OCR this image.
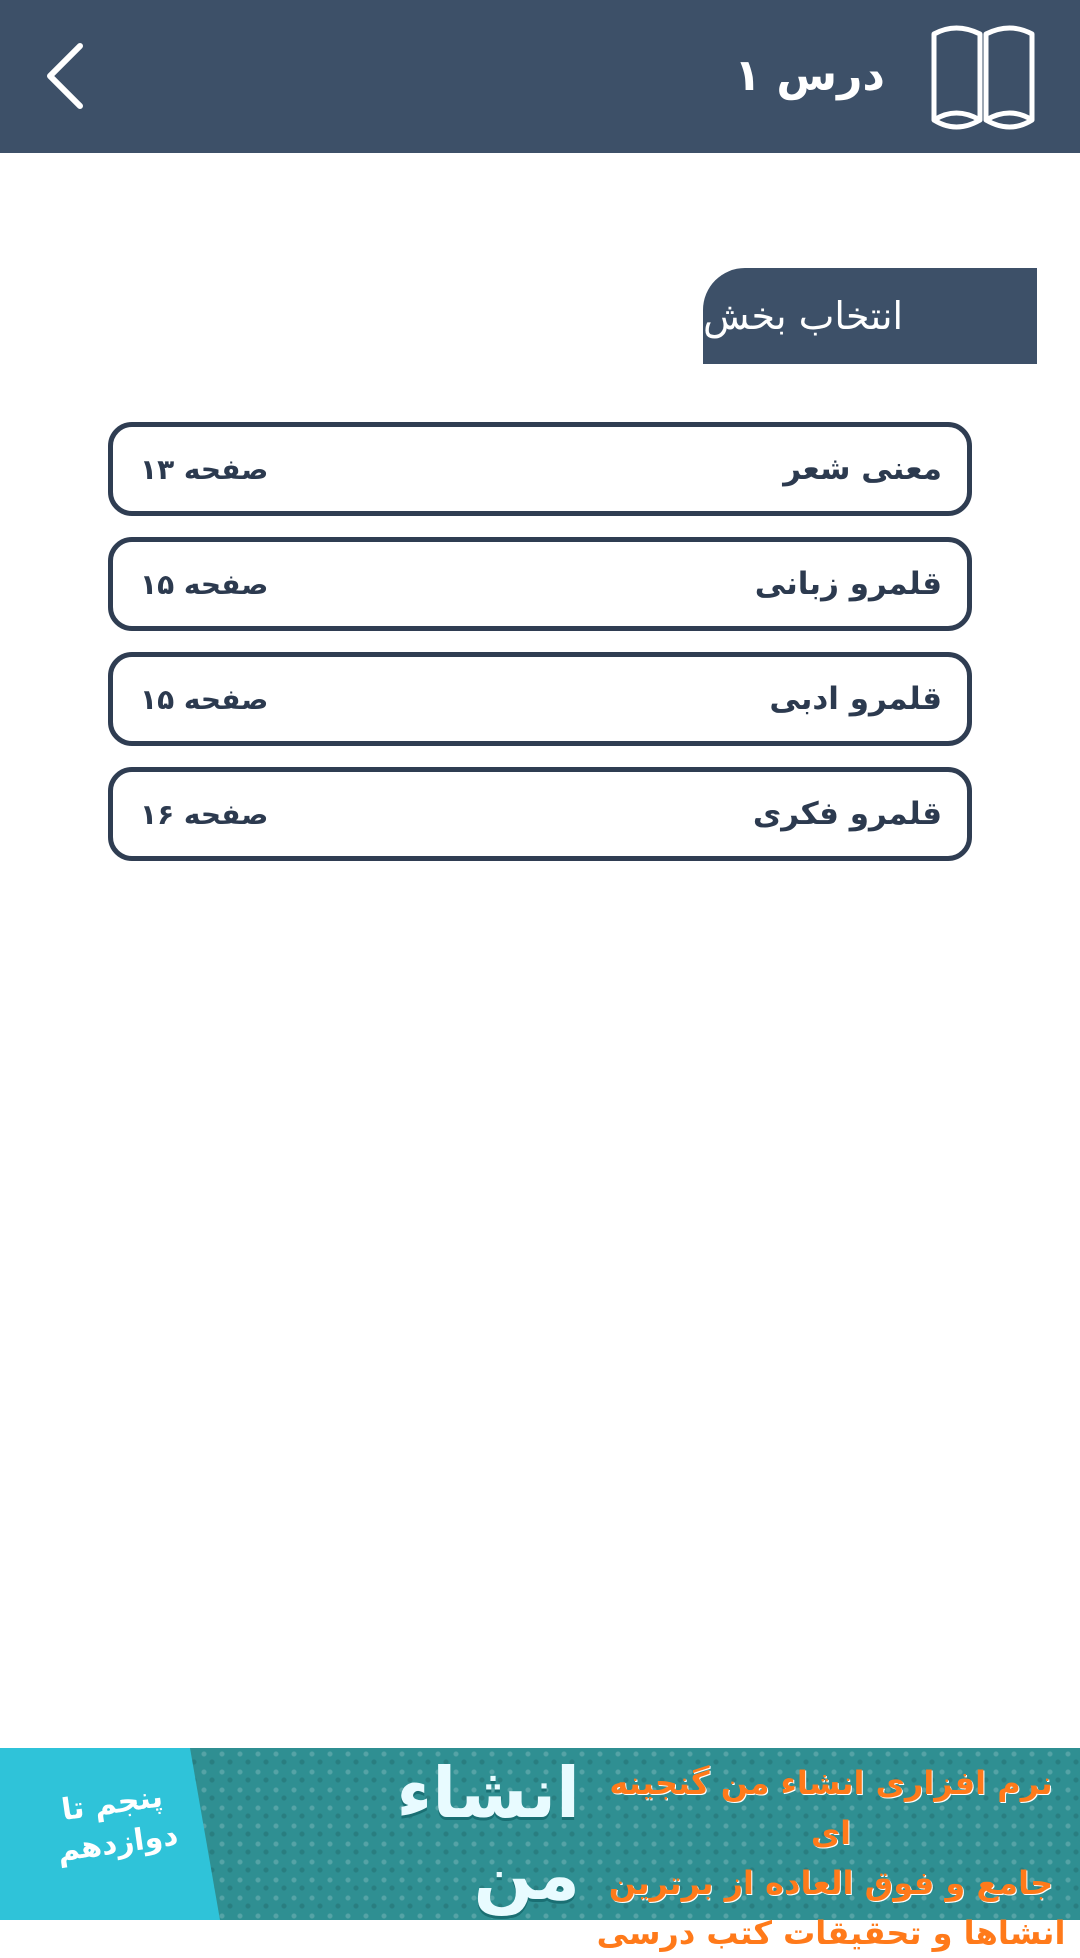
درس ۱
انتخاب بخش
معنی شعر
صفحه ۱۳
قلمرو زبانی
صفحه ۱۵
قلمرو ادبی
صفحه ۱۵
قلمرو فکری
صفحه ۱۶
پنجم تا دوازدهم
انشاء من
نرم افزاری انشاء من گنجینه ای
جامع و فوق العاده از برترین
انشاها و تحقیقات کتب درسی
